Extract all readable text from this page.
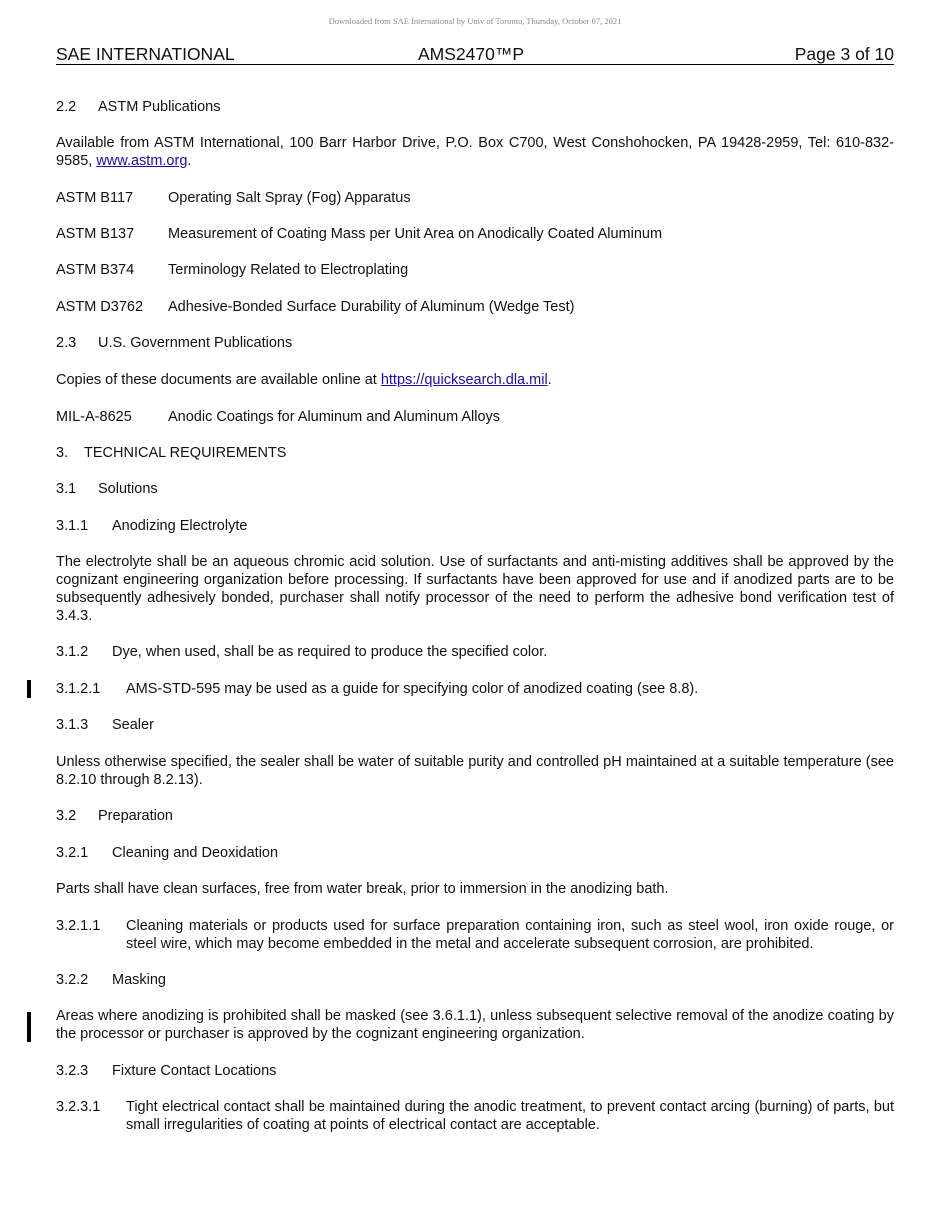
Downloaded from SAE International by Univ of Toronto, Thursday, October 07, 2021
SAE INTERNATIONAL	AMS2470™P	Page 3 of 10
2.2 ASTM Publications
Available from ASTM International, 100 Barr Harbor Drive, P.O. Box C700, West Conshohocken, PA 19428-2959, Tel: 610-832-9585, www.astm.org.
ASTM B117 Operating Salt Spray (Fog) Apparatus
ASTM B137 Measurement of Coating Mass per Unit Area on Anodically Coated Aluminum
ASTM B374 Terminology Related to Electroplating
ASTM D3762 Adhesive-Bonded Surface Durability of Aluminum (Wedge Test)
2.3 U.S. Government Publications
Copies of these documents are available online at https://quicksearch.dla.mil.
MIL-A-8625 Anodic Coatings for Aluminum and Aluminum Alloys
3. TECHNICAL REQUIREMENTS
3.1 Solutions
3.1.1 Anodizing Electrolyte
The electrolyte shall be an aqueous chromic acid solution. Use of surfactants and anti-misting additives shall be approved by the cognizant engineering organization before processing. If surfactants have been approved for use and if anodized parts are to be subsequently adhesively bonded, purchaser shall notify processor of the need to perform the adhesive bond verification test of 3.4.3.
3.1.2 Dye, when used, shall be as required to produce the specified color.
3.1.2.1 AMS-STD-595 may be used as a guide for specifying color of anodized coating (see 8.8).
3.1.3 Sealer
Unless otherwise specified, the sealer shall be water of suitable purity and controlled pH maintained at a suitable temperature (see 8.2.10 through 8.2.13).
3.2 Preparation
3.2.1 Cleaning and Deoxidation
Parts shall have clean surfaces, free from water break, prior to immersion in the anodizing bath.
3.2.1.1 Cleaning materials or products used for surface preparation containing iron, such as steel wool, iron oxide rouge, or steel wire, which may become embedded in the metal and accelerate subsequent corrosion, are prohibited.
3.2.2 Masking
Areas where anodizing is prohibited shall be masked (see 3.6.1.1), unless subsequent selective removal of the anodize coating by the processor or purchaser is approved by the cognizant engineering organization.
3.2.3 Fixture Contact Locations
3.2.3.1 Tight electrical contact shall be maintained during the anodic treatment, to prevent contact arcing (burning) of parts, but small irregularities of coating at points of electrical contact are acceptable.
